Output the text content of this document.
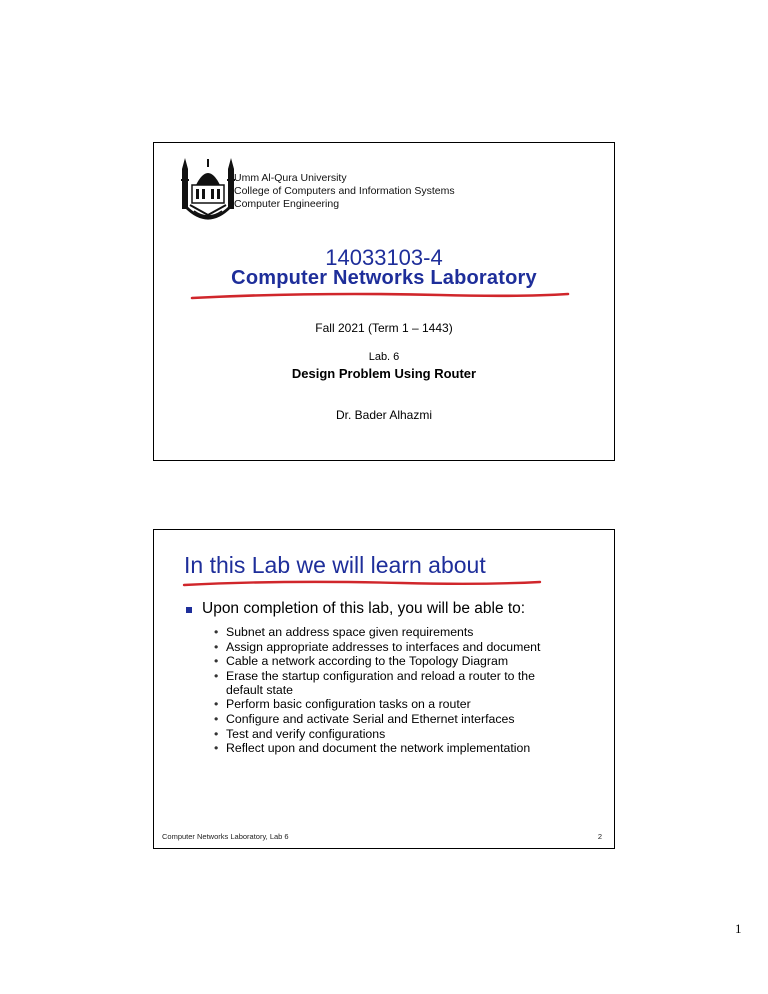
Umm Al-Qura University
College of Computers and Information Systems
Computer Engineering
14033103-4
Computer Networks Laboratory
Fall 2021 (Term 1 – 1443)
Lab. 6
Design Problem Using Router
Dr. Bader Alhazmi
In this Lab we will learn about
Upon completion of this lab, you will be able to:
• Subnet an address space given requirements
• Assign appropriate addresses to interfaces and document
• Cable a network according to the Topology Diagram
• Erase the startup configuration and reload a router to the default state
• Perform basic configuration tasks on a router
• Configure and activate Serial and Ethernet interfaces
• Test and verify configurations
• Reflect upon and document the network implementation
Computer Networks Laboratory, Lab 6	2
1
